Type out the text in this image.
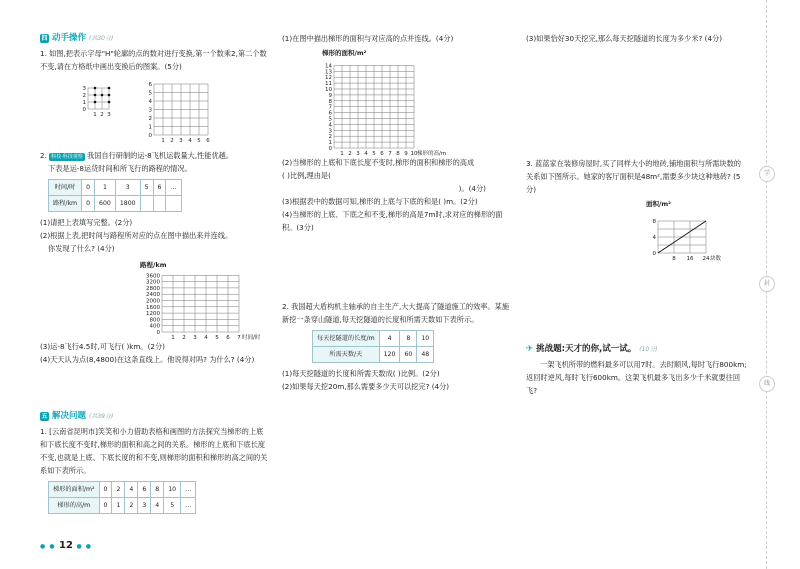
四 动手操作 (共30分)

1. 如图,把表示字母"H"轮廓的点的数对进行变换,第一个数乘2,第二个数不变,请在方格纸中画出变换后的图案。(5分)

0
1
2
3
1 2 3
0
1
2
3
4
5
6
1 2 3 4 5 6

2. 科技·科技观察 我国自行研制的运-8飞机运载量大,性能优越。

下表是运-8运货时间和所飞行的路程的情况。

时间/时	0	1	3	5	6	…
路程/km	0	600	1800			

(1)请把上表填写完整。(2分)

(2)根据上表,把时间与路程所对应的点在图中描出来并连线。

你发现了什么? (4分)

路程/km
0
400
800
1200
1600
2000
2400
2800
3200
3600
1 2 3 4 5 6 7 时间/时

(3)运-8飞行4.5时,可飞行( )km。(2分)

(4)天天认为点(8,4800)在这条直线上。他说得对吗? 为什么? (4分)

五 解决问题 (共39分)

1. [云南省昆明市]笑笑和小力借助表格和画图的方法探究当梯形的上底和下底长度不变时,梯形的面积和高之间的关系。梯形的上底和下底长度不变,也就是上底、下底长度的和不变,则梯形的面积和梯形的高之间的关系如下表所示。

梯形的面积/m²	0	2	4	6	8	10	…
梯形的高/m	0	1	2	3	4	5	…

(1)在图中描出梯形的面积与对应高的点并连线。(4分)

梯形的面积/m²
0
1
2
3
4
5
6
7
8
9
10
11
12
13
14
1 2 3 4 5 6 7 8 9 10 梯形的高/m

(2)当梯形的上底和下底长度不变时,梯形的面积和梯形的高成

( )比例,理由是(

)。(4分)

(3)根据表中的数据可知,梯形的上底与下底的和是( )m。(2分)

(4)当梯形的上底、下底之和不变,梯形的高是7m时,求对应的梯形的面积。(3分)

2. 我国超大盾构机主轴承的自主生产,大大提高了隧道施工的效率。某施新挖一条穿山隧道,每天挖隧道的长度和所需天数如下表所示。

每天挖隧道的长度/m	4	8	10
所需天数/天	120	60	48

(1)每天挖隧道的长度和所需天数成( )比例。(2分)

(2)如果每天挖20m,那么需要多少天可以挖完? (4分)

(3)如果恰好30天挖完,那么每天挖隧道的长度为多少米? (4分)

3. 蓝蓝家在装修房屋时,买了同样大小的地砖,铺地面积与所需块数的关系如下图所示。她家的客厅面积是48m²,需要多少块这种地砖? (5分)

面积/m²
0
4
8
8 16 24 块数
✈ 挑战题:天才的你,试一试。 (10分)

一架飞机所带的燃料最多可以用7时。去时顺风,每时飞行800km;返回时逆风,每时飞行600km。这架飞机最多飞出多少千米就要往回飞?

学
封
线
● ● 12 ● ●
